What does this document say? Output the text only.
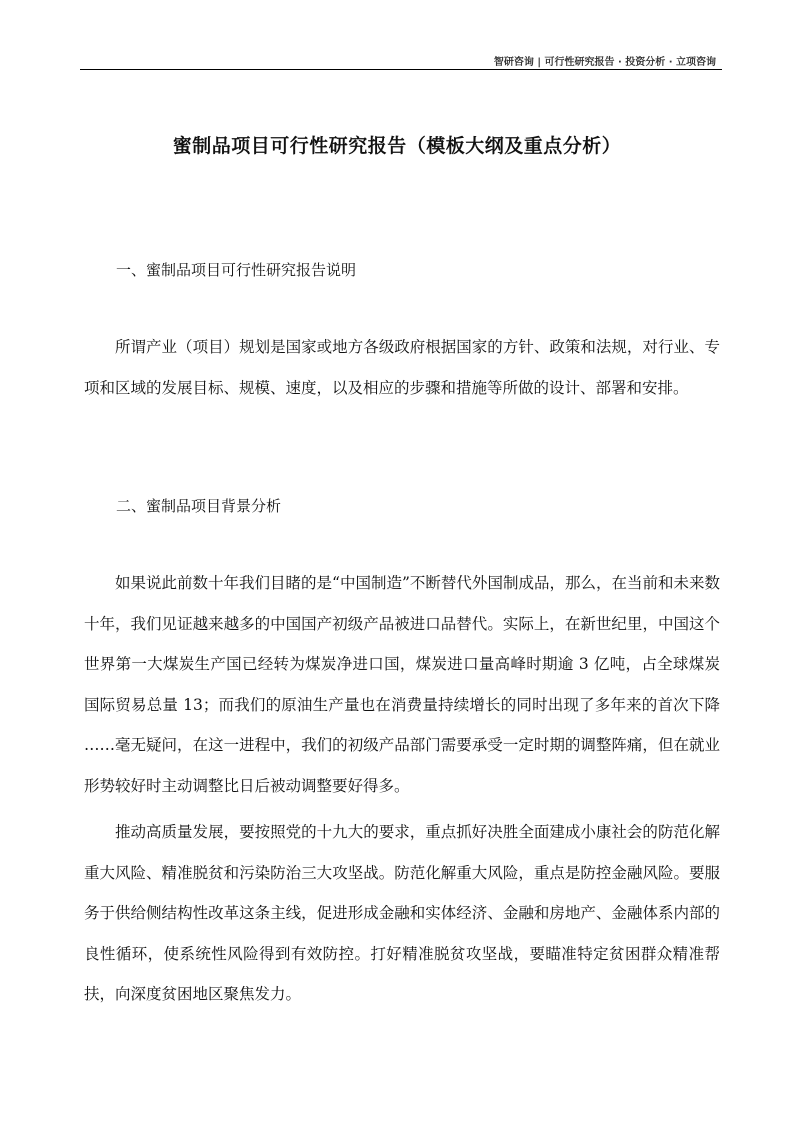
智研咨询 | 可行性研究报告 · 投资分析 · 立项咨询
蜜制品项目可行性研究报告（模板大纲及重点分析）
一、蜜制品项目可行性研究报告说明

所谓产业（项目）规划是国家或地方各级政府根据国家的方针、政策和法规，对行业、专项和区域的发展目标、规模、速度，以及相应的步骤和措施等所做的设计、部署和安排。

二、蜜制品项目背景分析

如果说此前数十年我们目睹的是“中国制造”不断替代外国制成品，那么，在当前和未来数十年，我们见证越来越多的中国国产初级产品被进口品替代。实际上，在新世纪里，中国这个世界第一大煤炭生产国已经转为煤炭净进口国，煤炭进口量高峰时期逾 3 亿吨，占全球煤炭国际贸易总量 13；而我们的原油生产量也在消费量持续增长的同时出现了多年来的首次下降 ……毫无疑问，在这一进程中，我们的初级产品部门需要承受一定时期的调整阵痛，但在就业形势较好时主动调整比日后被动调整要好得多。

推动高质量发展，要按照党的十九大的要求，重点抓好决胜全面建成小康社会的防范化解重大风险、精准脱贫和污染防治三大攻坚战。防范化解重大风险，重点是防控金融风险。要服务于供给侧结构性改革这条主线，促进形成金融和实体经济、金融和房地产、金融体系内部的良性循环，使系统性风险得到有效防控。打好精准脱贫攻坚战，要瞄准特定贫困群众精准帮扶，向深度贫困地区聚焦发力。
